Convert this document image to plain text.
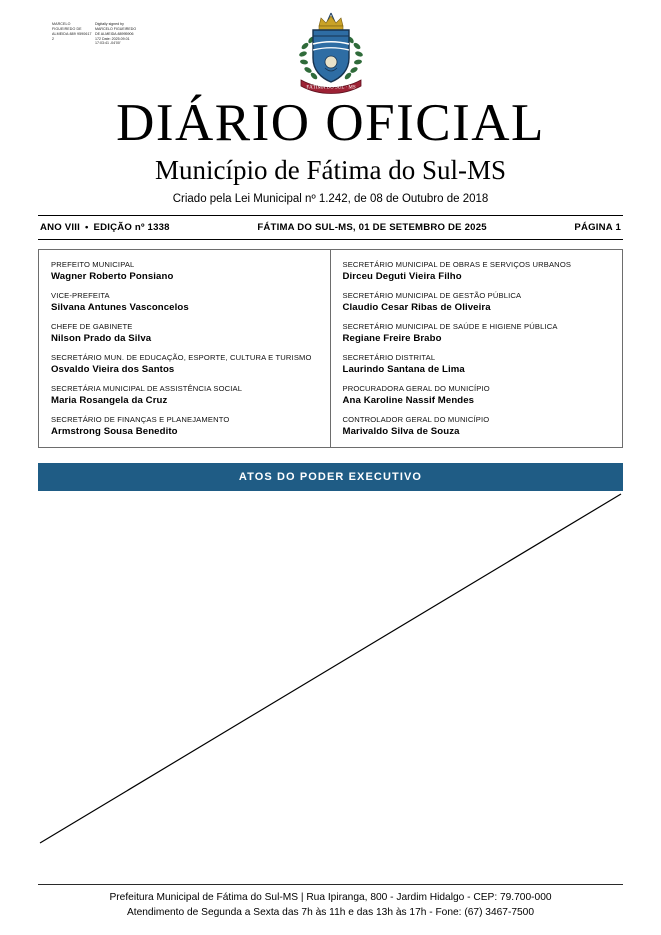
MARCELO FIGUEIREDO DE ALMEIDA:889 9590617 2
Digitally signed by MARCELO FIGUEIREDO DE ALMEIDA:88995906 172 Date: 2025.09.01 17:03:41 -04'00'
FÁTIMA DO SUL · MS
DIÁRIO OFICIAL
Município de Fátima do Sul-MS
Criado pela Lei Municipal nº 1.242, de 08 de Outubro de 2018
ANO VIII • EDIÇÃO nº 1338	FÁTIMA DO SUL-MS, 01 DE SETEMBRO DE 2025	PÁGINA 1
PREFEITO MUNICIPAL
Wagner Roberto Ponsiano
VICE-PREFEITA
Silvana Antunes Vasconcelos
CHEFE DE GABINETE
Nilson Prado da Silva
SECRETÁRIO MUN. DE EDUCAÇÃO, ESPORTE, CULTURA E TURISMO
Osvaldo Vieira dos Santos
SECRETÁRIA MUNICIPAL DE ASSISTÊNCIA SOCIAL
Maria Rosangela da Cruz
SECRETÁRIO DE FINANÇAS E PLANEJAMENTO
Armstrong Sousa Benedito
SECRETÁRIO MUNICIPAL DE OBRAS E SERVIÇOS URBANOS
Dirceu Deguti Vieira Filho
SECRETÁRIO MUNICIPAL DE GESTÃO PÚBLICA
Claudio Cesar Ribas de Oliveira
SECRETÁRIO MUNICIPAL DE SAÚDE E HIGIENE PÚBLICA
Regiane Freire Brabo
SECRETÁRIO DISTRITAL
Laurindo Santana de Lima
PROCURADORA GERAL DO MUNICÍPIO
Ana Karoline Nassif Mendes
CONTROLADOR GERAL DO MUNICÍPIO
Marivaldo Silva de Souza
ATOS DO PODER EXECUTIVO
Prefeitura Municipal de Fátima do Sul-MS | Rua Ipiranga, 800 - Jardim Hidalgo - CEP: 79.700-000
Atendimento de Segunda a Sexta das 7h às 11h e das 13h às 17h - Fone: (67) 3467-7500
